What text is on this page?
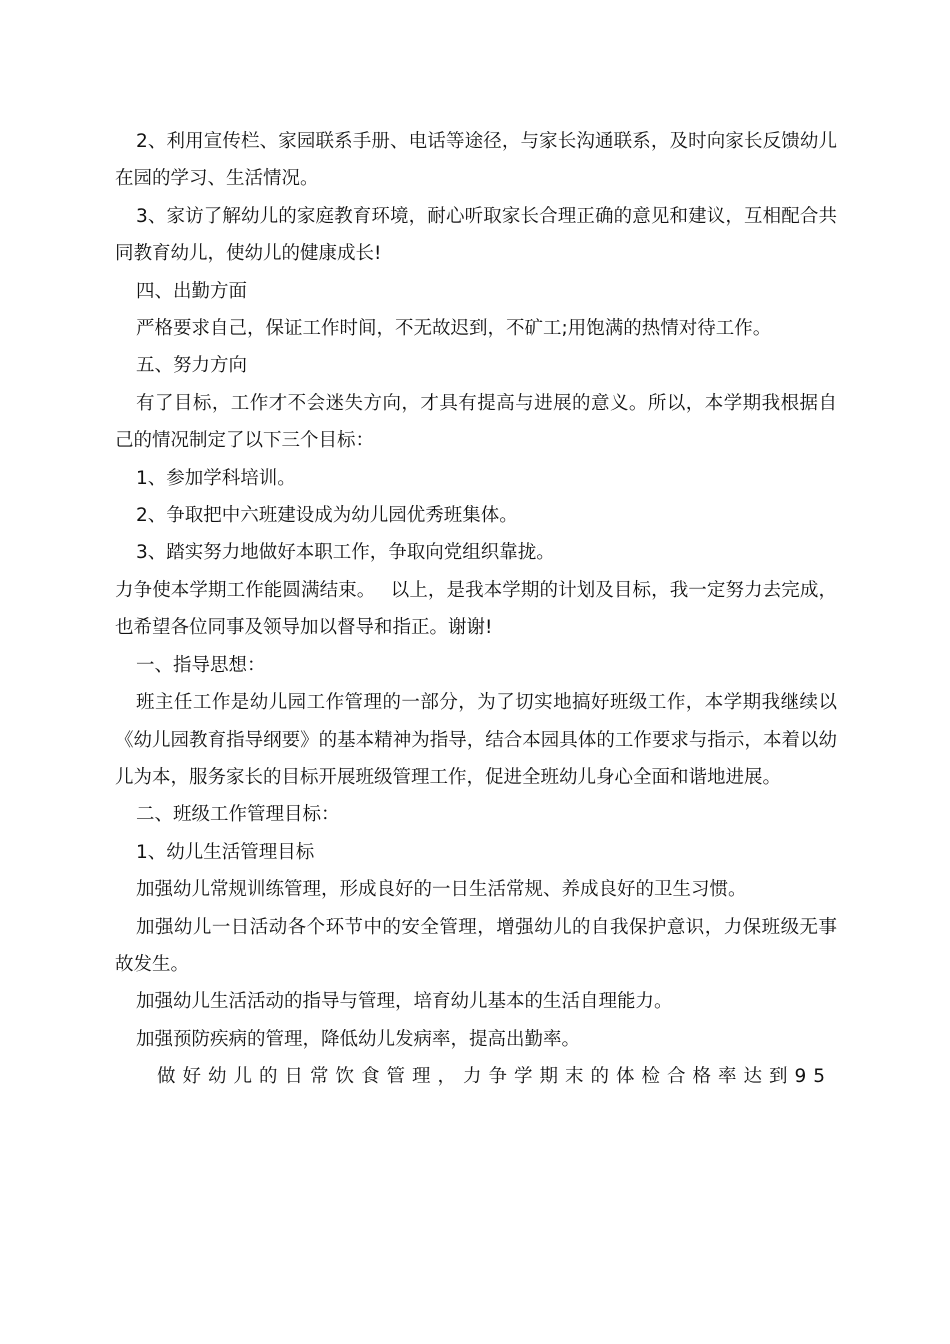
2、利用宣传栏、家园联系手册、电话等途径，与家长沟通联系，及时向家长反馈幼儿在园的学习、生活情况。

3、家访了解幼儿的家庭教育环境，耐心听取家长合理正确的意见和建议，互相配合共同教育幼儿，使幼儿的健康成长!

四、出勤方面

严格要求自己，保证工作时间，不无故迟到，不矿工;用饱满的热情对待工作。

五、努力方向

有了目标，工作才不会迷失方向，才具有提高与进展的意义。所以，本学期我根据自己的情况制定了以下三个目标：

1、参加学科培训。

2、争取把中六班建设成为幼儿园优秀班集体。

3、踏实努力地做好本职工作，争取向党组织靠拢。

力争使本学期工作能圆满结束。　 以上，是我本学期的计划及目标，我一定努力去完成，也希望各位同事及领导加以督导和指正。谢谢!

一、指导思想：

班主任工作是幼儿园工作管理的一部分，为了切实地搞好班级工作，本学期我继续以《幼儿园教育指导纲要》的基本精神为指导，结合本园具体的工作要求与指示，本着以幼儿为本，服务家长的目标开展班级管理工作，促进全班幼儿身心全面和谐地进展。

二、班级工作管理目标：

1、幼儿生活管理目标

加强幼儿常规训练管理，形成良好的一日生活常规、养成良好的卫生习惯。

加强幼儿一日活动各个环节中的安全管理，增强幼儿的自我保护意识，力保班级无事故发生。

加强幼儿生活活动的指导与管理，培育幼儿基本的生活自理能力。

加强预防疾病的管理，降低幼儿发病率，提高出勤率。

做好幼儿的日常饮食管理，力争学期末的体检合格率达到95
